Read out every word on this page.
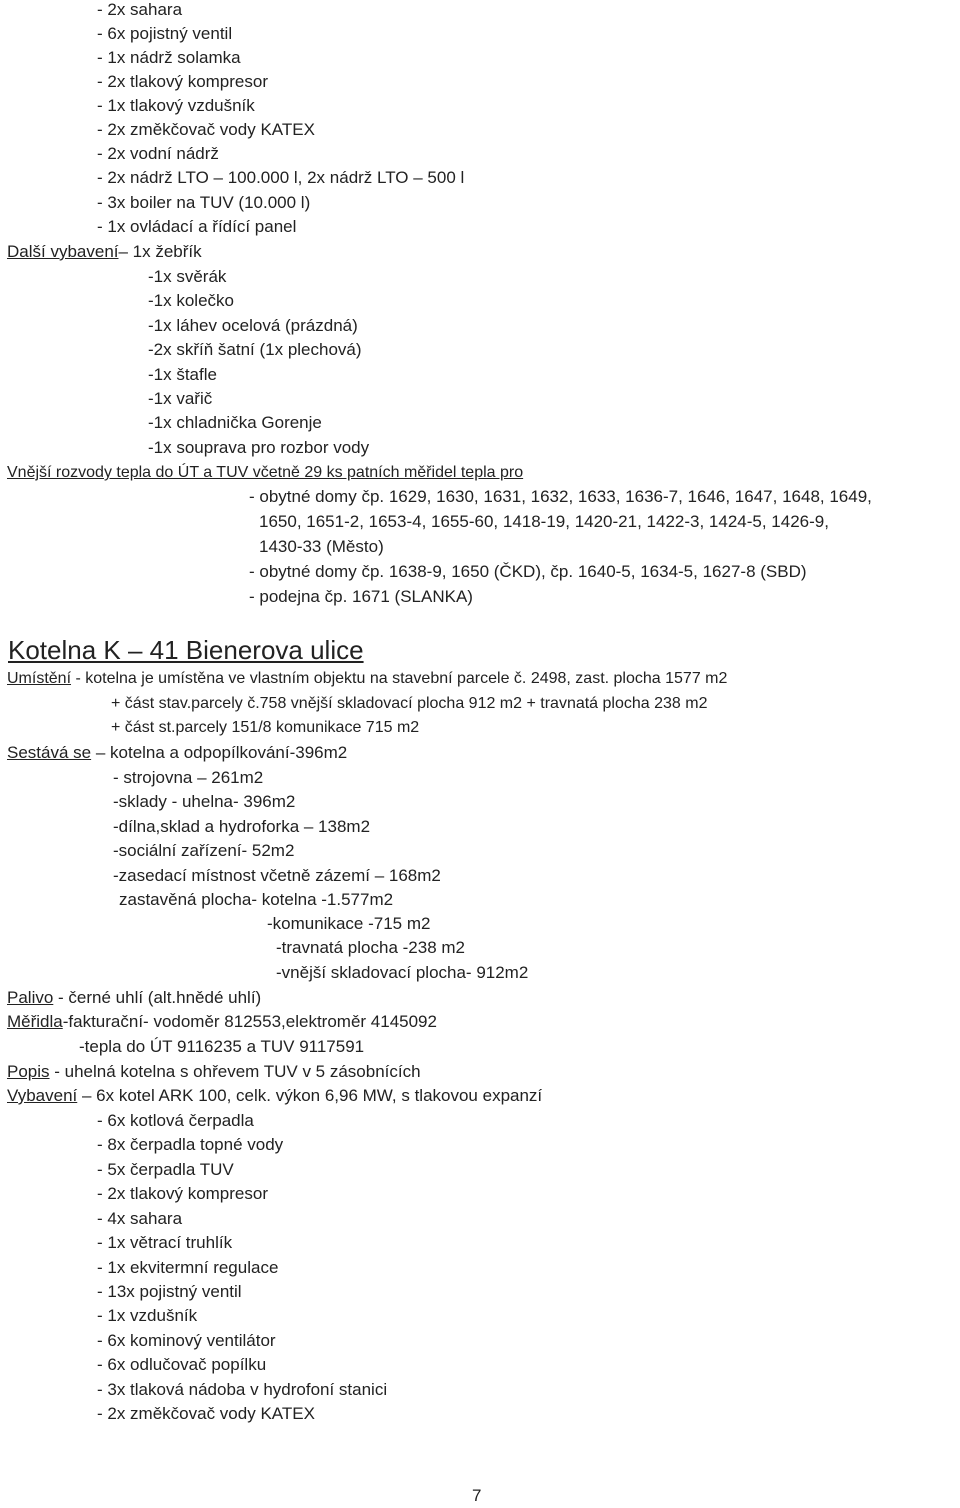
- 2x sahara
- 6x pojistný ventil
- 1x nádrž solamka
- 2x tlakový kompresor
- 1x tlakový vzdušník
- 2x změkčovač vody KATEX
- 2x vodní nádrž
- 2x nádrž LTO – 100.000 l, 2x nádrž LTO – 500 l
- 3x boiler na TUV (10.000 l)
- 1x ovládací a řídící panel
Další vybavení– 1x žebřík
-1x svěrák
-1x kolečko
-1x láhev ocelová (prázdná)
-2x skříň šatní (1x plechová)
-1x štafle
-1x vařič
-1x chladnička Gorenje
-1x souprava pro rozbor vody
Vnější rozvody tepla do ÚT a TUV včetně 29 ks patních měřidel tepla pro
- obytné domy čp. 1629, 1630, 1631, 1632, 1633, 1636-7, 1646, 1647, 1648, 1649,
1650, 1651-2, 1653-4, 1655-60, 1418-19, 1420-21, 1422-3, 1424-5, 1426-9,
1430-33 (Město)
- obytné domy čp. 1638-9, 1650 (ČKD), čp. 1640-5, 1634-5, 1627-8 (SBD)
- podejna čp. 1671 (SLANKA)
Kotelna K – 41 Bienerova ulice
Umístění - kotelna je umístěna ve vlastním objektu na stavební parcele č. 2498, zast. plocha 1577 m2
+ část stav.parcely č.758 vnější skladovací plocha 912 m2 + travnatá plocha 238 m2
+ část st.parcely 151/8 komunikace 715 m2
Sestává se – kotelna a odpopílkování-396m2
- strojovna – 261m2
-sklady - uhelna- 396m2
-dílna,sklad a hydroforka – 138m2
-sociální zařízení- 52m2
-zasedací místnost včetně zázemí – 168m2
zastavěná plocha- kotelna -1.577m2
-komunikace -715 m2
-travnatá plocha -238 m2
-vnější skladovací plocha- 912m2
Palivo - černé uhlí (alt.hnědé uhlí)
Měřidla-fakturační- vodoměr 812553,elektroměr 4145092
-tepla do ÚT 9116235 a TUV 9117591
Popis - uhelná kotelna s ohřevem TUV v 5 zásobnících
Vybavení – 6x kotel ARK 100, celk. výkon 6,96 MW, s tlakovou expanzí
- 6x kotlová čerpadla
- 8x čerpadla topné vody
- 5x čerpadla TUV
- 2x tlakový kompresor
- 4x sahara
- 1x větrací truhlík
- 1x ekvitermní regulace
- 13x pojistný ventil
- 1x vzdušník
- 6x kominový ventilátor
- 6x odlučovač popílku
- 3x tlaková nádoba v hydrofoní stanici
- 2x změkčovač vody KATEX
7
